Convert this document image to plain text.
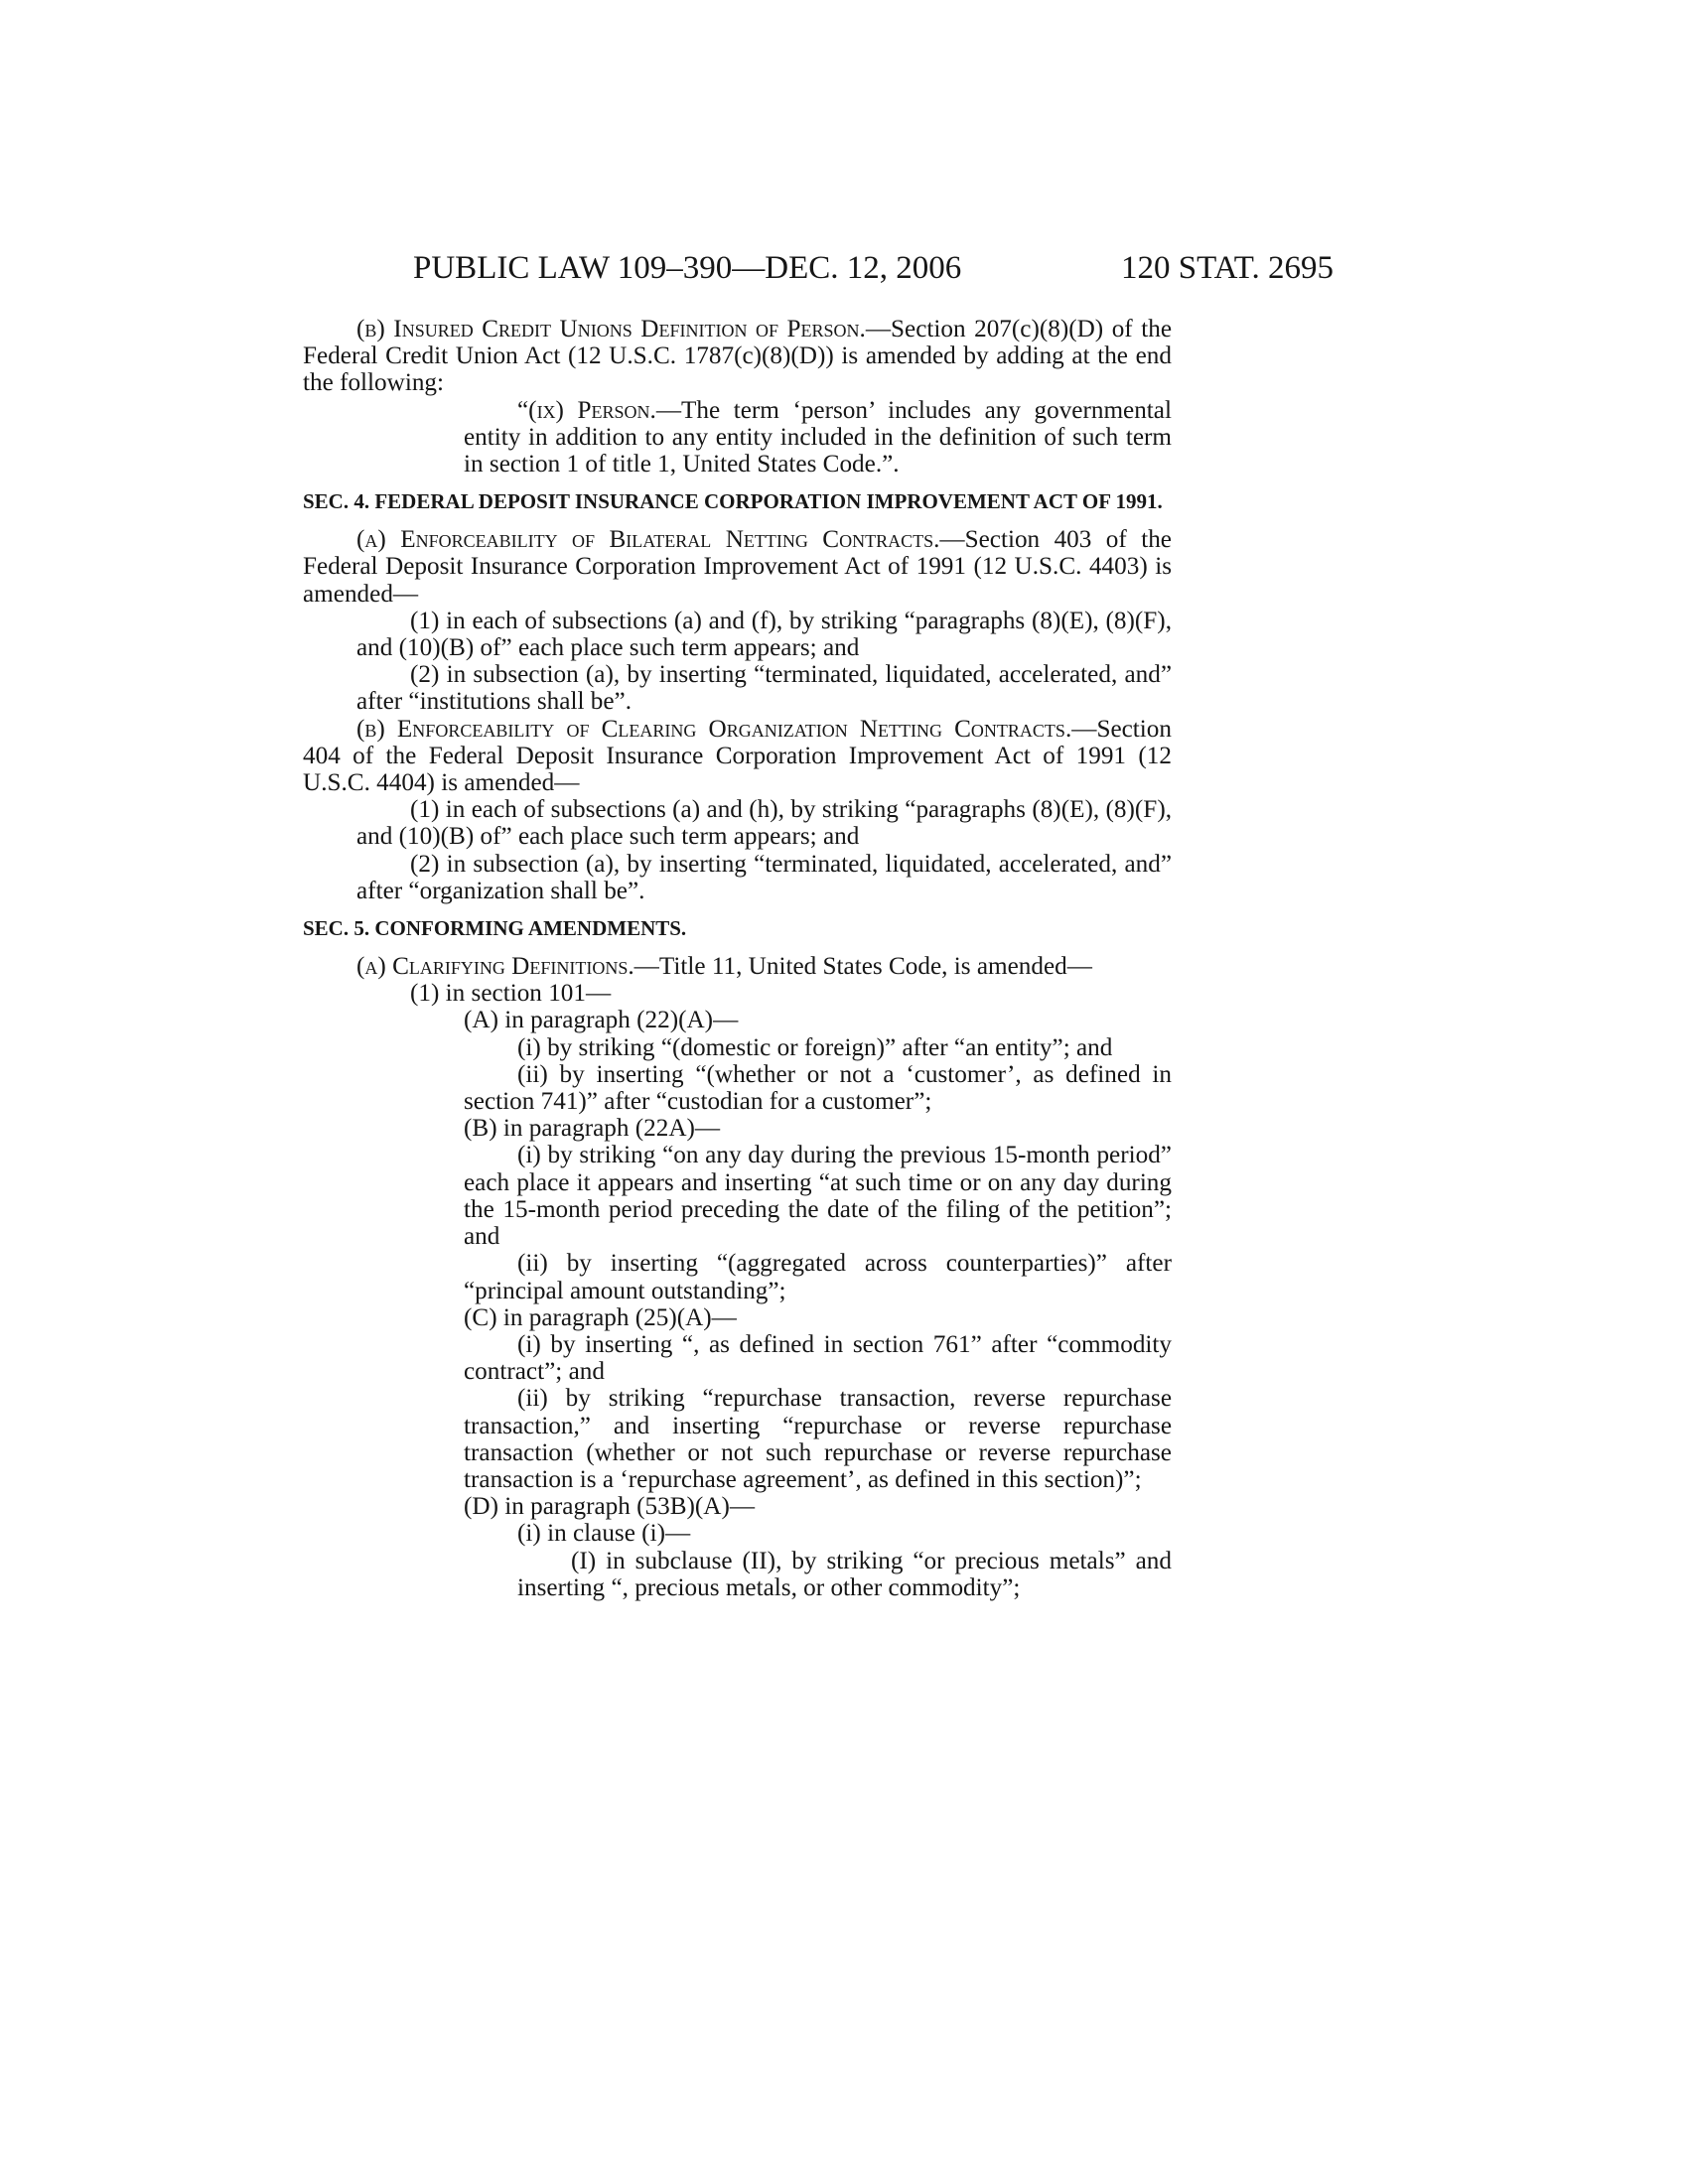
PUBLIC LAW 109–390—DEC. 12, 2006	120 STAT. 2695

(b) Insured Credit Unions Definition of Person.—Section 207(c)(8)(D) of the Federal Credit Union Act (12 U.S.C. 1787(c)(8)(D)) is amended by adding at the end the following:

“(ix) Person.—The term ‘person’ includes any governmental entity in addition to any entity included in the definition of such term in section 1 of title 1, United States Code.”.

SEC. 4. FEDERAL DEPOSIT INSURANCE CORPORATION IMPROVEMENT ACT OF 1991.

(a) Enforceability of Bilateral Netting Contracts.—Section 403 of the Federal Deposit Insurance Corporation Improvement Act of 1991 (12 U.S.C. 4403) is amended—

(1) in each of subsections (a) and (f), by striking “paragraphs (8)(E), (8)(F), and (10)(B) of” each place such term appears; and

(2) in subsection (a), by inserting “terminated, liquidated, accelerated, and” after “institutions shall be”.

(b) Enforceability of Clearing Organization Netting Contracts.—Section 404 of the Federal Deposit Insurance Corporation Improvement Act of 1991 (12 U.S.C. 4404) is amended—

(1) in each of subsections (a) and (h), by striking “paragraphs (8)(E), (8)(F), and (10)(B) of” each place such term appears; and

(2) in subsection (a), by inserting “terminated, liquidated, accelerated, and” after “organization shall be”.

SEC. 5. CONFORMING AMENDMENTS.

(a) Clarifying Definitions.—Title 11, United States Code, is amended—

(1) in section 101—

(A) in paragraph (22)(A)—

(i) by striking “(domestic or foreign)” after “an entity”; and

(ii) by inserting “(whether or not a ‘customer’, as defined in section 741)” after “custodian for a customer”;

(B) in paragraph (22A)—

(i) by striking “on any day during the previous 15-month period” each place it appears and inserting “at such time or on any day during the 15-month period preceding the date of the filing of the petition”; and

(ii) by inserting “(aggregated across counterparties)” after “principal amount outstanding”;

(C) in paragraph (25)(A)—

(i) by inserting “, as defined in section 761” after “commodity contract”; and

(ii) by striking “repurchase transaction, reverse repurchase transaction,” and inserting “repurchase or reverse repurchase transaction (whether or not such repurchase or reverse repurchase transaction is a ‘repurchase agreement’, as defined in this section)”;

(D) in paragraph (53B)(A)—

(i) in clause (i)—

(I) in subclause (II), by striking “or precious metals” and inserting “, precious metals, or other commodity”;
